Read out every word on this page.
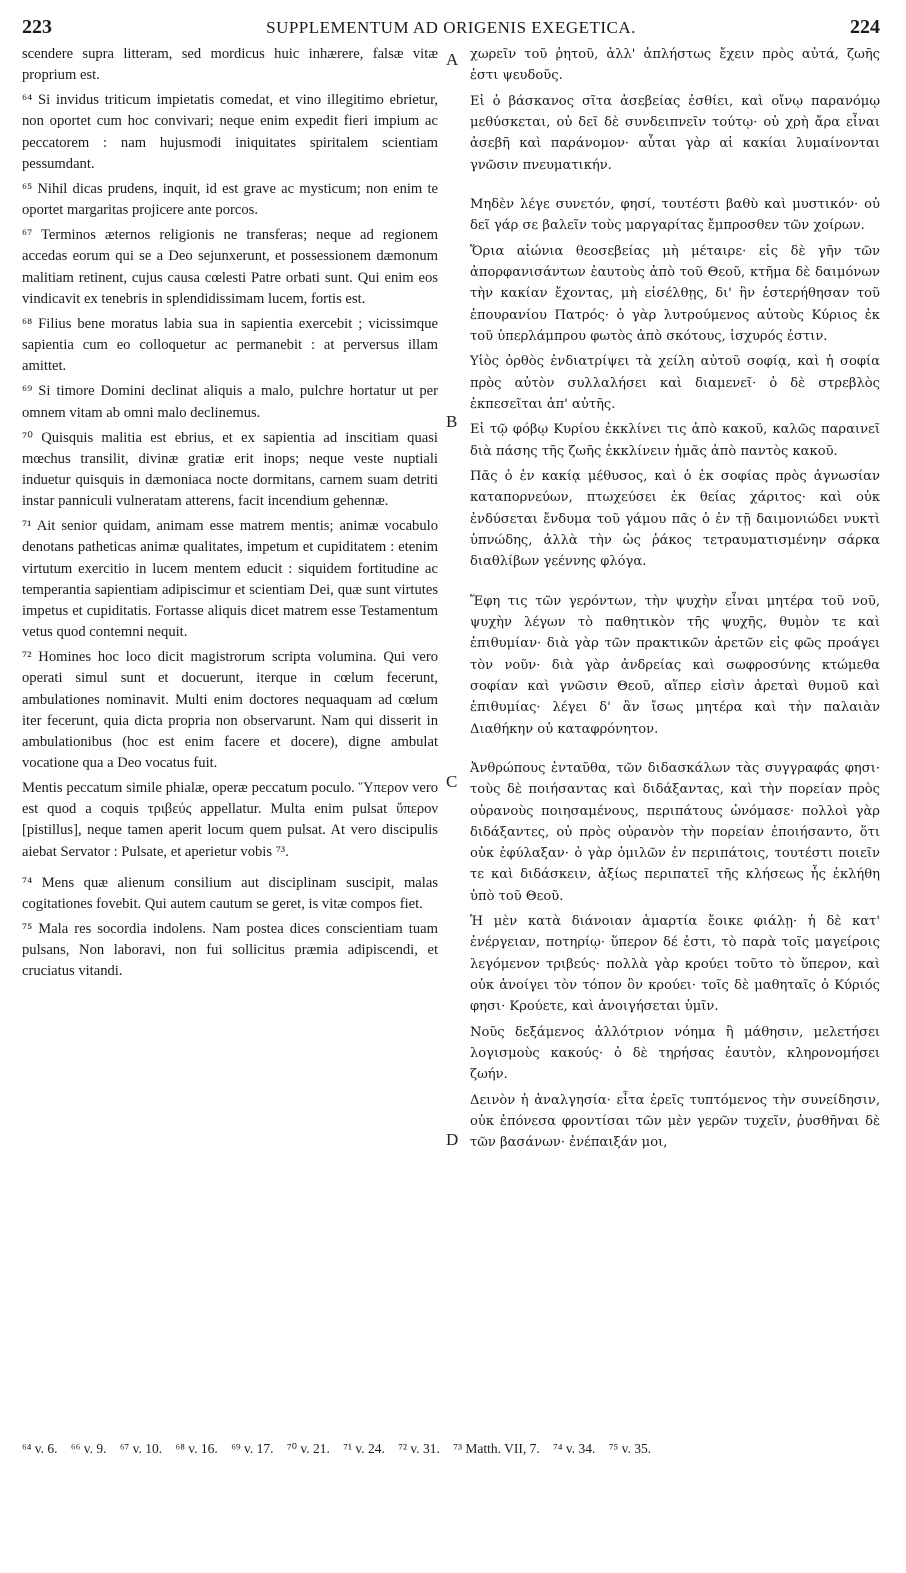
223	SUPPLEMENTUM AD ORIGENIS EXEGETICA.	224

scendere supra litteram, sed mordicus huic inhærere, falsæ vitæ proprium est.

⁶⁴ Si invidus triticum impietatis comedat, et vino illegitimo ebrietur, non oportet cum hoc convivari; neque enim expedit fieri impium ac peccatorem : nam hujusmodi iniquitates spiritalem scientiam pessumdant.

⁶⁵ Nihil dicas prudens, inquit, id est grave ac mysticum; non enim te oportet margaritas projicere ante porcos.

⁶⁷ Terminos æternos religionis ne transferas; neque ad regionem accedas eorum qui se a Deo sejunxerunt, et possessionem dæmonum malitiam retinent, cujus causa cœlesti Patre orbati sunt. Qui enim eos vindicavit ex tenebris in splendidissimam lucem, fortis est.

⁶⁸ Filius bene moratus labia sua in sapientia exercebit ; vicissimque sapientia cum eo colloquetur ac permanebit : at perversus illam amittet.

⁶⁹ Si timore Domini declinat aliquis a malo, pulchre hortatur ut per omnem vitam ab omni malo declinemus.

⁷⁰ Quisquis malitia est ebrius, et ex sapientia ad inscitiam quasi mœchus transilit, divinæ gratiæ erit inops; neque veste nuptiali induetur quisquis in dæmoniaca nocte dormitans, carnem suam detriti instar panniculi vulneratam atterens, facit incendium gehennæ.

⁷¹ Ait senior quidam, animam esse matrem mentis; animæ vocabulo denotans patheticas animæ qualitates, impetum et cupiditatem : etenim virtutum exercitio in lucem mentem educit : siquidem fortitudine ac temperantia sapientiam adipiscimur et scientiam Dei, quæ sunt virtutes impetus et cupiditatis. Fortasse aliquis dicet matrem esse Testamentum vetus quod contemni nequit.

⁷² Homines hoc loco dicit magistrorum scripta volumina. Qui vero operati simul sunt et docuerunt, iterque in cœlum fecerunt, ambulationes nominavit. Multi enim doctores nequaquam ad cœlum iter fecerunt, quia dicta propria non observarunt. Nam qui disserit in ambulationibus (hoc est enim facere et docere), digne ambulat vocatione qua a Deo vocatus fuit.

Mentis peccatum simile phialæ, operæ peccatum poculo. Ὕπερον vero est quod a coquis τριβεύς appellatur. Multa enim pulsat ὕπερον [pistillus], neque tamen aperit locum quem pulsat. At vero discipulis aiebat Servator : Pulsate, et aperietur vobis ⁷³.

⁷⁴ Mens quæ alienum consilium aut disciplinam suscipit, malas cogitationes fovebit. Qui autem cautum se geret, is vitæ compos fiet.

⁷⁵ Mala res socordia indolens. Nam postea dices conscientiam tuam pulsans, Non laboravi, non fui sollicitus præmia adipiscendi, et cruciatus vitandi.

A
B
C
D

χωρεῖν τοῦ ῥητοῦ, ἀλλ' ἀπλήστως ἔχειν πρὸς αὐτά, ζωῆς ἐστι ψευδοῦς.

Εἰ ὁ βάσκανος σῖτα ἀσεβείας ἐσθίει, καὶ οἴνῳ παρανόμῳ μεθύσκεται, οὐ δεῖ δὲ συνδειπνεῖν τούτῳ· οὐ χρὴ ἄρα εἶναι ἀσεβῆ καὶ παράνομον· αὗται γὰρ αἱ κακίαι λυμαίνονται γνῶσιν πνευματικήν.

Μηδὲν λέγε συνετόν, φησί, τουτέστι βαθὺ καὶ μυστικόν· οὐ δεῖ γάρ σε βαλεῖν τοὺς μαργαρίτας ἔμπροσθεν τῶν χοίρων.

Ὅρια αἰώνια θεοσεβείας μὴ μέταιρε· εἰς δὲ γῆν τῶν ἀπορφανισάντων ἑαυτοὺς ἀπὸ τοῦ Θεοῦ, κτῆμα δὲ δαιμόνων τὴν κακίαν ἔχοντας, μὴ εἰσέλθῃς, δι' ἣν ἐστερήθησαν τοῦ ἐπουρανίου Πατρός· ὁ γὰρ λυτρούμενος αὐτοὺς Κύριος ἐκ τοῦ ὑπερλάμπρου φωτὸς ἀπὸ σκότους, ἰσχυρός ἐστιν.

Υἱὸς ὀρθὸς ἐνδιατρίψει τὰ χείλη αὐτοῦ σοφίᾳ, καὶ ἡ σοφία πρὸς αὐτὸν συλλαλήσει καὶ διαμενεῖ· ὁ δὲ στρεβλὸς ἐκπεσεῖται ἀπ' αὐτῆς.

Εἰ τῷ φόβῳ Κυρίου ἐκκλίνει τις ἀπὸ κακοῦ, καλῶς παραινεῖ διὰ πάσης τῆς ζωῆς ἐκκλίνειν ἡμᾶς ἀπὸ παντὸς κακοῦ.

Πᾶς ὁ ἐν κακίᾳ μέθυσος, καὶ ὁ ἐκ σοφίας πρὸς ἀγνωσίαν καταπορνεύων, πτωχεύσει ἐκ θείας χάριτος· καὶ οὐκ ἐνδύσεται ἔνδυμα τοῦ γάμου πᾶς ὁ ἐν τῇ δαιμονιώδει νυκτὶ ὑπνώδης, ἀλλὰ τὴν ὡς ῥάκος τετραυματισμένην σάρκα διαθλίβων γεέννης φλόγα.

Ἔφη τις τῶν γερόντων, τὴν ψυχὴν εἶναι μητέρα τοῦ νοῦ, ψυχὴν λέγων τὸ παθητικὸν τῆς ψυχῆς, θυμὸν τε καὶ ἐπιθυμίαν· διὰ γὰρ τῶν πρακτικῶν ἀρετῶν εἰς φῶς προάγει τὸν νοῦν· διὰ γὰρ ἀνδρείας καὶ σωφροσύνης κτώμεθα σοφίαν καὶ γνῶσιν Θεοῦ, αἵπερ εἰσὶν ἀρεταὶ θυμοῦ καὶ ἐπιθυμίας· λέγει δ' ἂν ἴσως μητέρα καὶ τὴν παλαιὰν Διαθήκην οὐ καταφρόνητον.

Ἀνθρώπους ἐνταῦθα, τῶν διδασκάλων τὰς συγγραφάς φησι· τοὺς δὲ ποιήσαντας καὶ διδάξαντας, καὶ τὴν πορείαν πρὸς οὐρανοὺς ποιησαμένους, περιπάτους ὠνόμασε· πολλοὶ γὰρ διδάξαντες, οὐ πρὸς οὐρανὸν τὴν πορείαν ἐποιήσαντο, ὅτι οὐκ ἐφύλαξαν· ὁ γὰρ ὁμιλῶν ἐν περιπάτοις, τουτέστι ποιεῖν τε καὶ διδάσκειν, ἀξίως περιπατεῖ τῆς κλήσεως ἧς ἐκλήθη ὑπὸ τοῦ Θεοῦ.

Ἡ μὲν κατὰ διάνοιαν ἁμαρτία ἔοικε φιάλῃ· ἡ δὲ κατ' ἐνέργειαν, ποτηρίῳ· ὕπερον δέ ἐστι, τὸ παρὰ τοῖς μαγείροις λεγόμενον τριβεύς· πολλὰ γὰρ κρούει τοῦτο τὸ ὕπερον, καὶ οὐκ ἀνοίγει τὸν τόπον ὃν κρούει· τοῖς δὲ μαθηταῖς ὁ Κύριός φησι· Κρούετε, καὶ ἀνοιγήσεται ὑμῖν.

Νοῦς δεξάμενος ἀλλότριον νόημα ἢ μάθησιν, μελετήσει λογισμοὺς κακούς· ὁ δὲ τηρήσας ἑαυτὸν, κληρονομήσει ζωήν.

Δεινὸν ἡ ἀναλγησία· εἶτα ἐρεῖς τυπτόμενος τὴν συνείδησιν, οὐκ ἐπόνεσα φροντίσαι τῶν μὲν γερῶν τυχεῖν, ῥυσθῆναι δὲ τῶν βασάνων· ἐνέπαιξάν μοι,

⁶⁴ v. 6. ⁶⁶ v. 9. ⁶⁷ v. 10. ⁶⁸ v. 16. ⁶⁹ v. 17. ⁷⁰ v. 21. ⁷¹ v. 24. ⁷² v. 31. ⁷³ Matth. VII, 7. ⁷⁴ v. 34. ⁷⁵ v. 35.
